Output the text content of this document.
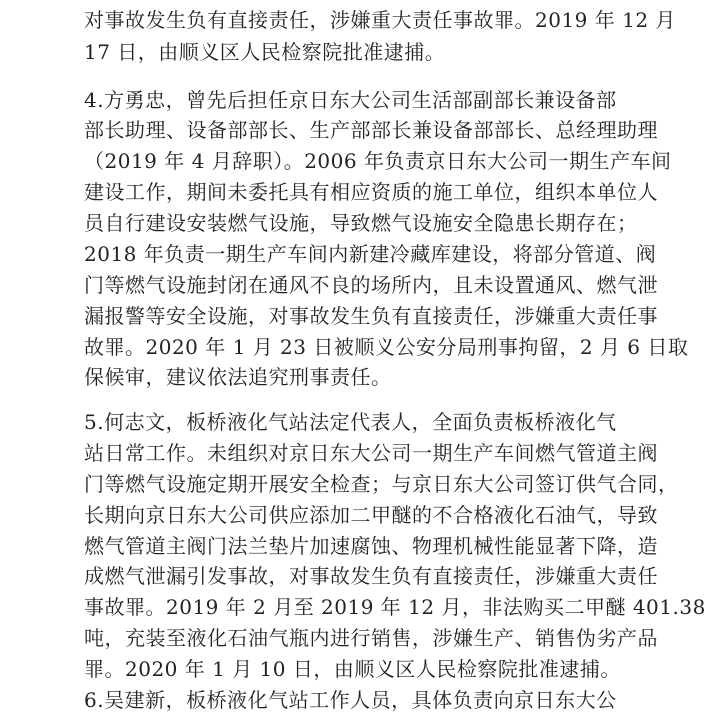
对事故发生负有直接责任，涉嫌重大责任事故罪。2019 年 12 月
17 日，由顺义区人民检察院批准逮捕。
4.方勇忠，曾先后担任京日东大公司生活部副部长兼设备部
部长助理、设备部部长、生产部部长兼设备部部长、总经理助理
（2019 年 4 月辞职）。2006 年负责京日东大公司一期生产车间
建设工作，期间未委托具有相应资质的施工单位，组织本单位人
员自行建设安装燃气设施，导致燃气设施安全隐患长期存在；
2018 年负责一期生产车间内新建冷藏库建设，将部分管道、阀
门等燃气设施封闭在通风不良的场所内，且未设置通风、燃气泄
漏报警等安全设施，对事故发生负有直接责任，涉嫌重大责任事
故罪。2020 年 1 月 23 日被顺义公安分局刑事拘留，2 月 6 日取
保候审，建议依法追究刑事责任。
5.何志文，板桥液化气站法定代表人，全面负责板桥液化气
站日常工作。未组织对京日东大公司一期生产车间燃气管道主阀
门等燃气设施定期开展安全检查；与京日东大公司签订供气合同，
长期向京日东大公司供应添加二甲醚的不合格液化石油气，导致
燃气管道主阀门法兰垫片加速腐蚀、物理机械性能显著下降，造
成燃气泄漏引发事故，对事故发生负有直接责任，涉嫌重大责任
事故罪。2019 年 2 月至 2019 年 12 月，非法购买二甲醚 401.38
吨，充装至液化石油气瓶内进行销售，涉嫌生产、销售伪劣产品
罪。2020 年 1 月 10 日，由顺义区人民检察院批准逮捕。
6.吴建新，板桥液化气站工作人员，具体负责向京日东大公
